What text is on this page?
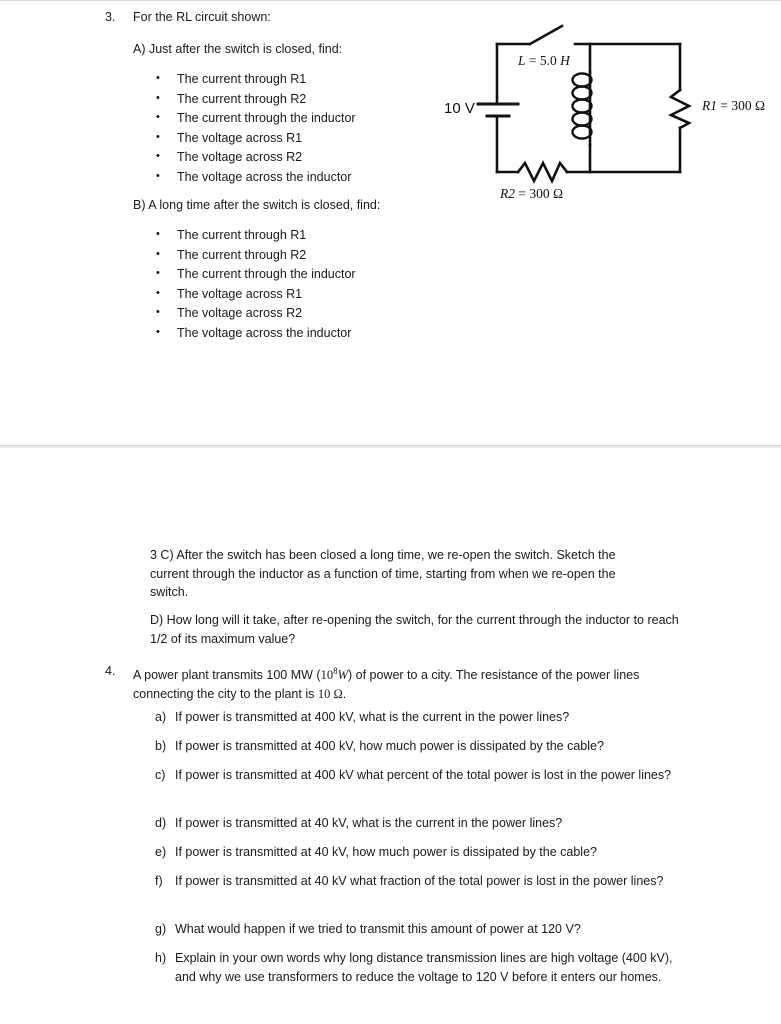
3. For the RL circuit shown:
A) Just after the switch is closed, find:
• The current through R1
• The current through R2
• The current through the inductor
• The voltage across R1
• The voltage across R2
• The voltage across the inductor
B) A long time after the switch is closed, find:
• The current through R1
• The current through R2
• The current through the inductor
• The voltage across R1
• The voltage across R2
• The voltage across the inductor
10 V
L = 5.0 H
R1 = 300 Ω
R2 = 300 Ω
3 C) After the switch has been closed a long time, we re-open the switch. Sketch the current through the inductor as a function of time, starting from when we re-open the switch.
D) How long will it take, after re-opening the switch, for the current through the inductor to reach 1/2 of its maximum value?
4. A power plant transmits 100 MW $(10^8W)$ of power to a city. The resistance of the power lines connecting the city to the plant is 10 Ω.
a) If power is transmitted at 400 kV, what is the current in the power lines?
b) If power is transmitted at 400 kV, how much power is dissipated by the cable?
c) If power is transmitted at 400 kV what percent of the total power is lost in the power lines?
d) If power is transmitted at 40 kV, what is the current in the power lines?
e) If power is transmitted at 40 kV, how much power is dissipated by the cable?
f) If power is transmitted at 40 kV what fraction of the total power is lost in the power lines?
g) What would happen if we tried to transmit this amount of power at 120 V?
h) Explain in your own words why long distance transmission lines are high voltage (400 kV), and why we use transformers to reduce the voltage to 120 V before it enters our homes.
